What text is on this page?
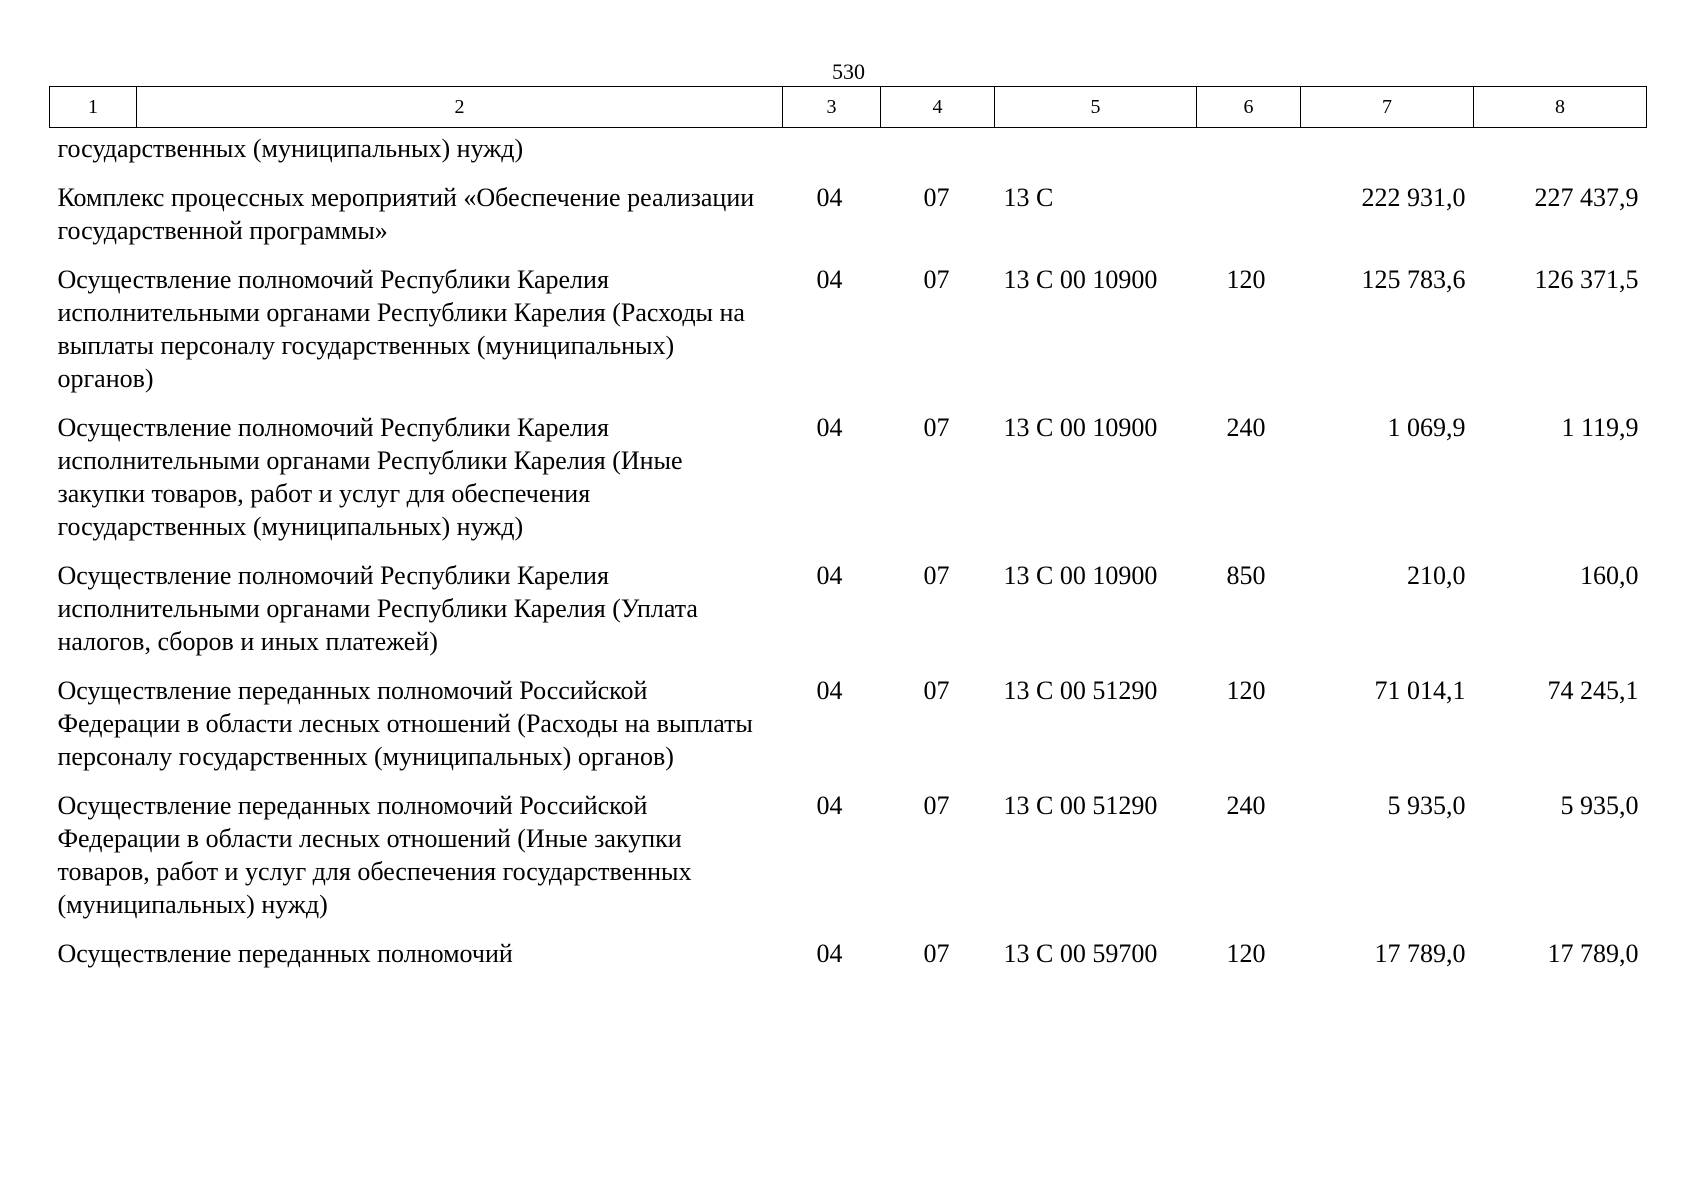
530
1	2	3	4	5	6	7	8
государственных (муниципальных) нужд)							
Комплекс процессных мероприятий «Обеспечение реализации государственной программы»		04	07	13 С		222 931,0	227 437,9
Осуществление полномочий Республики Карелия исполнительными органами Республики Карелия (Расходы на выплаты персоналу государственных (муниципальных) органов)		04	07	13 С 00 10900	120	125 783,6	126 371,5
Осуществление полномочий Республики Карелия исполнительными органами Республики Карелия (Иные закупки товаров, работ и услуг для обеспечения государственных (муниципальных) нужд)		04	07	13 С 00 10900	240	1 069,9	1 119,9
Осуществление полномочий Республики Карелия исполнительными органами Республики Карелия (Уплата налогов, сборов и иных платежей)		04	07	13 С 00 10900	850	210,0	160,0
Осуществление переданных полномочий Российской Федерации в области лесных отношений (Расходы на выплаты персоналу государственных (муниципальных) органов)		04	07	13 С 00 51290	120	71 014,1	74 245,1
Осуществление переданных полномочий Российской Федерации в области лесных отношений (Иные закупки товаров, работ и услуг для обеспечения государственных (муниципальных) нужд)		04	07	13 С 00 51290	240	5 935,0	5 935,0
Осуществление переданных полномочий		04	07	13 С 00 59700	120	17 789,0	17 789,0
